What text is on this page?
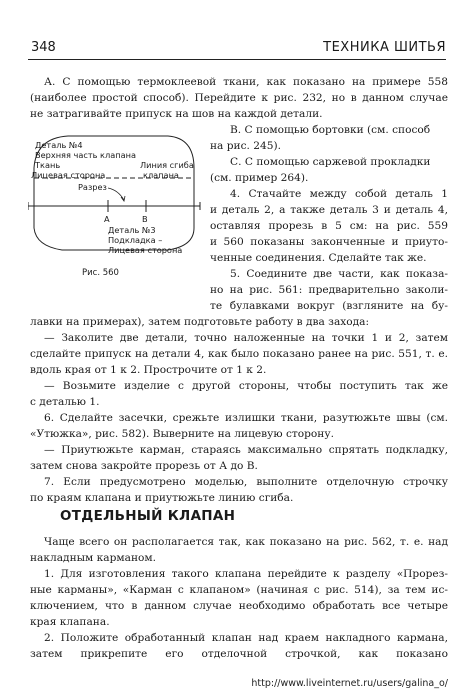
348	ТЕХНИКА ШИТЬЯ
А. С помощью термоклеевой ткани, как показано на примере 558
(наиболее простой способ). Перейдите к рис. 232, но в данном случае
не затрагивайте припуск на шов на каждой детали.
Деталь №4
Верхняя часть клапана
Ткань
Лицевая сторона
Линия сгиба
клапана
Разрез
A	B
Деталь №3
Подкладка –
Лицевая сторона
Рис. 560
В. С помощью бортовки (см. способ
на рис. 245).
С. С помощью саржевой прокладки
(см. пример 264).
4. Стачайте между собой деталь 1
и деталь 2, а также деталь 3 и деталь 4,
оставляя прорезь в 5 см: на рис. 559
и 560 показаны законченные и приуто-
ченные соединения. Сделайте так же.
5. Соедините две части, как показа-
но на рис. 561: предварительно заколи-
те булавками вокруг (взгляните на бу-
лавки на примерах), затем подготовьте работу в два захода:
— Заколите две детали, точно наложенные на точки 1 и 2, затем
сделайте припуск на детали 4, как было показано ранее на рис. 551, т. е.
вдоль края от 1 к 2. Прострочите от 1 к 2.
— Возьмите изделие с другой стороны, чтобы поступить так же
с деталью 1.
6. Сделайте засечки, срежьте излишки ткани, разутюжьте швы (см.
«Утюжка», рис. 582). Выверните на лицевую сторону.
— Приутюжьте карман, стараясь максимально спрятать подкладку,
затем снова закройте прорезь от А до В.
7. Если предусмотрено моделью, выполните отделочную строчку
по краям клапана и приутюжьте линию сгиба.
ОТДЕЛЬНЫЙ КЛАПАН
Чаще всего он располагается так, как показано на рис. 562, т. е. над
накладным карманом.
1. Для изготовления такого клапана перейдите к разделу «Прорез-
ные карманы», «Карман с клапаном» (начиная с рис. 514), за тем ис-
ключением, что в данном случае необходимо обработать все четыре
края клапана.
2. Положите обработанный клапан над краем накладного кармана,
затем прикрепите его отделочной строчкой, как показано
http://www.liveinternet.ru/users/galina_o/
